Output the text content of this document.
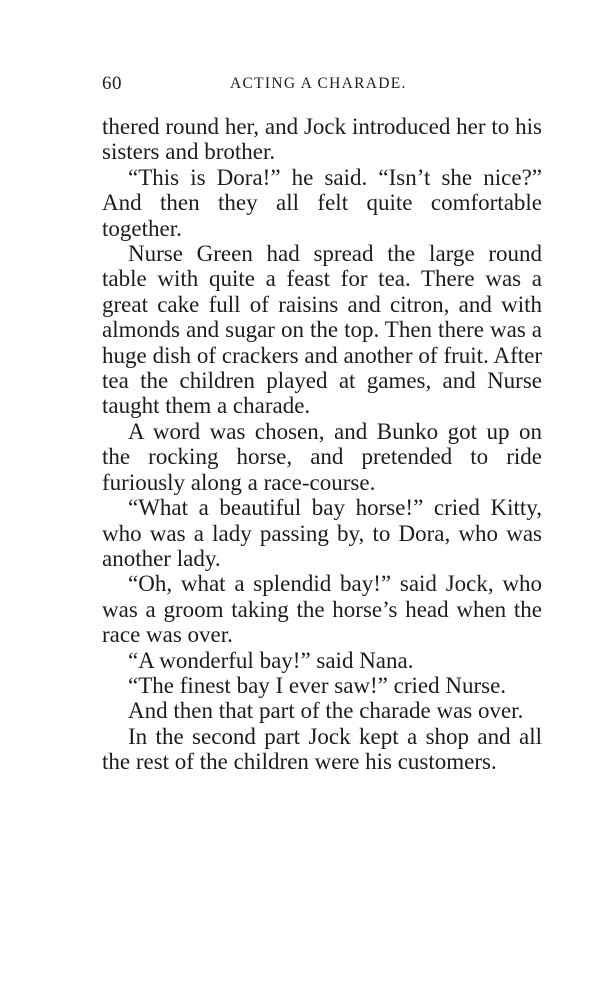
60	ACTING A CHARADE.

thered round her, and Jock introduced her to his sisters and brother.

“This is Dora!” he said. “Isn’t she nice?” And then they all felt quite comfortable together.

Nurse Green had spread the large round table with quite a feast for tea. There was a great cake full of raisins and citron, and with almonds and sugar on the top. Then there was a huge dish of crackers and another of fruit. After tea the children played at games, and Nurse taught them a charade.

A word was chosen, and Bunko got up on the rocking horse, and pretended to ride furiously along a race-course.

“What a beautiful bay horse!” cried Kitty, who was a lady passing by, to Dora, who was another lady.

“Oh, what a splendid bay!” said Jock, who was a groom taking the horse’s head when the race was over.

“A wonderful bay!” said Nana.

“The finest bay I ever saw!” cried Nurse.

And then that part of the charade was over.

In the second part Jock kept a shop and all the rest of the children were his customers.
